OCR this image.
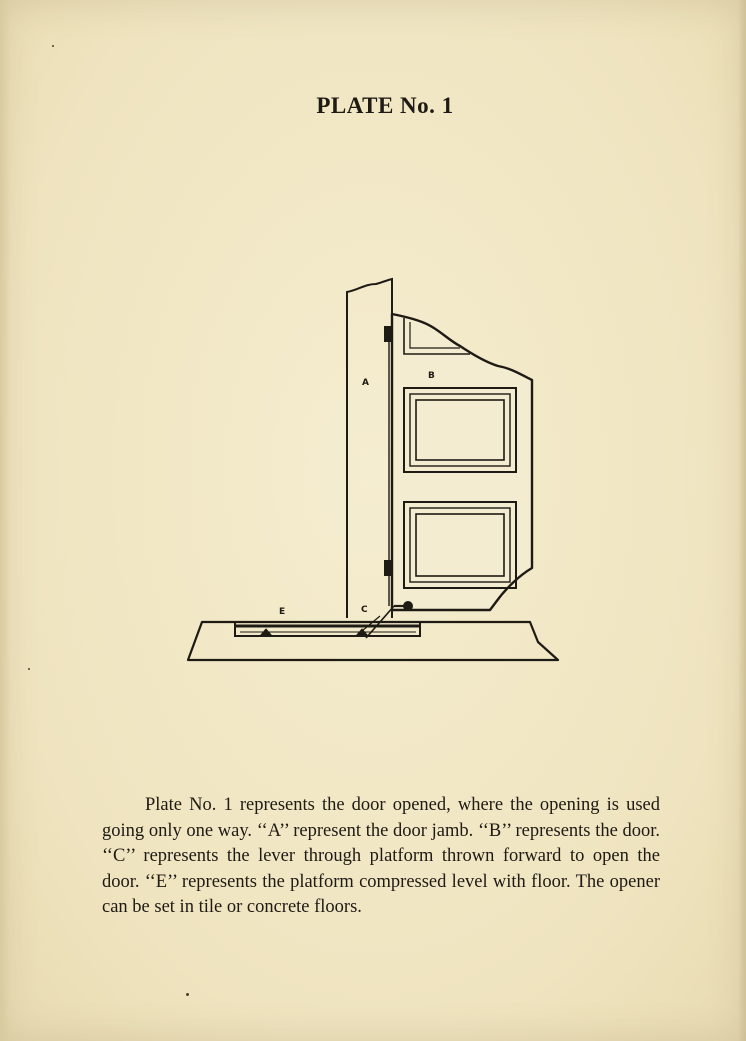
PLATE No. 1
A
B
C
E

Plate No. 1 represents the door opened, where the opening is used going only one way. ‘‘A’’ represent the door jamb. ‘‘B’’ represents the door. ‘‘C’’ represents the lever through platform thrown forward to open the door. ‘‘E’’ represents the platform compressed level with floor. The opener can be set in tile or concrete floors.
